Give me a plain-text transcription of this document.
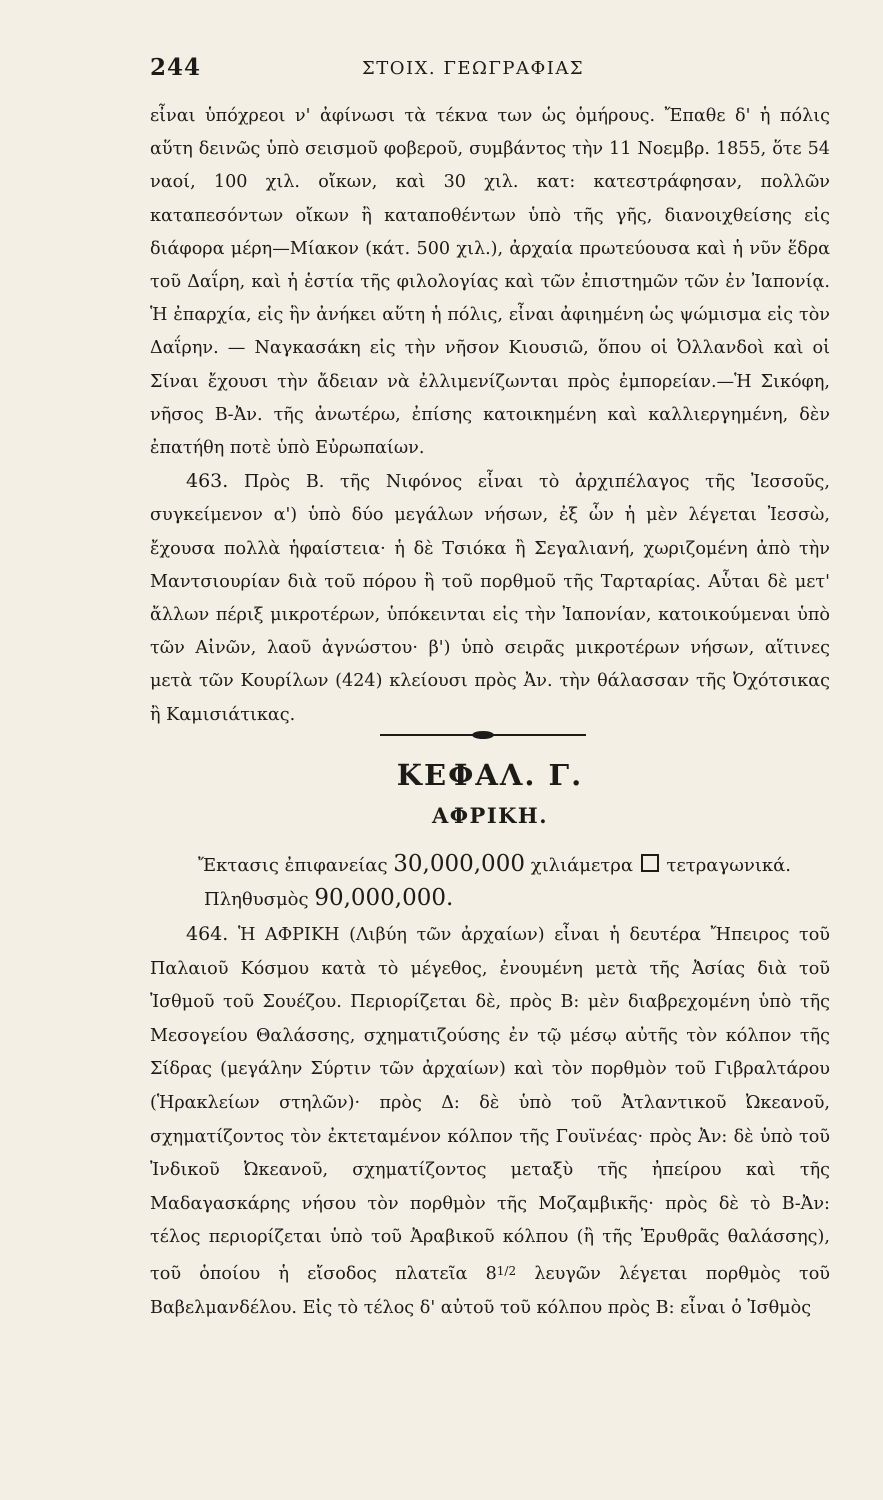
244	ΣΤΟΙΧ. ΓΕΩΓΡΑΦΙΑΣ

εἶναι ὑπόχρεοι ν' ἀφίνωσι τὰ τέκνα των ὡς ὁμήρους. Ἔπαθε δ' ἡ πόλις αὕτη δεινῶς ὑπὸ σεισμοῦ φοβεροῦ, συμβάντος τὴν 11 Νοεμβρ. 1855, ὅτε 54 ναοί, 100 χιλ. οἴκων, καὶ 30 χιλ. κατ: κατεστράφησαν, πολλῶν καταπεσόντων οἴκων ἢ καταποθέντων ὑπὸ τῆς γῆς, διανοιχθείσης εἰς διάφορα μέρη—Μίακον (κάτ. 500 χιλ.), ἀρχαία πρωτεύουσα καὶ ἡ νῦν ἕδρα τοῦ Δαΐρη, καὶ ἡ ἑστία τῆς φιλολογίας καὶ τῶν ἐπιστημῶν τῶν ἐν Ἰαπονίᾳ. Ἡ ἐπαρχία, εἰς ἣν ἀνήκει αὕτη ἡ πόλις, εἶναι ἀφιημένη ὡς ψώμισμα εἰς τὸν Δαΐρην. — Ναγκασάκη εἰς τὴν νῆσον Κιουσιῶ, ὅπου οἱ Ὀλλανδοὶ καὶ οἱ Σίναι ἔχουσι τὴν ἄδειαν νὰ ἐλλιμενίζωνται πρὸς ἐμπορείαν.—Ἡ Σικόφη, νῆσος Β-Ἀν. τῆς ἀνωτέρω, ἐπίσης κατοικημένη καὶ καλλιεργημένη, δὲν ἐπατήθη ποτὲ ὑπὸ Εὐρωπαίων.

463. Πρὸς Β. τῆς Νιφόνος εἶναι τὸ ἀρχιπέλαγος τῆς Ἰεσσοῦς, συγκείμενον α') ὑπὸ δύο μεγάλων νήσων, ἐξ ὧν ἡ μὲν λέγεται Ἰεσσὼ, ἔχουσα πολλὰ ἡφαίστεια· ἡ δὲ Τσιόκα ἢ Σεγαλιανή, χωριζομένη ἀπὸ τὴν Μαντσιουρίαν διὰ τοῦ πόρου ἢ τοῦ πορθμοῦ τῆς Ταρταρίας. Αὗται δὲ μετ' ἄλλων πέριξ μικροτέρων, ὑπόκεινται εἰς τὴν Ἰαπονίαν, κατοικούμεναι ὑπὸ τῶν Αἰνῶν, λαοῦ ἀγνώστου· β') ὑπὸ σειρᾶς μικροτέρων νήσων, αἵτινες μετὰ τῶν Κουρίλων (424) κλείουσι πρὸς Ἀν. τὴν θάλασσαν τῆς Ὀχότσικας ἢ Καμισιάτικας.

ΚΕΦΑΛ. Γ.
ΑΦΡΙΚΗ.
Ἔκτασις ἐπιφανείας 30,000,000 χιλιάμετρα τετραγωνικά.
Πληθυσμὸς 90,000,000.

464. Ἡ ΑΦΡΙΚΗ (Λιβύη τῶν ἀρχαίων) εἶναι ἡ δευτέρα Ἤπειρος τοῦ Παλαιοῦ Κόσμου κατὰ τὸ μέγεθος, ἐνουμένη μετὰ τῆς Ἀσίας διὰ τοῦ Ἰσθμοῦ τοῦ Σουέζου. Περιορίζεται δὲ, πρὸς Β: μὲν διαβρεχομένη ὑπὸ τῆς Μεσογείου Θαλάσσης, σχηματιζούσης ἐν τῷ μέσῳ αὐτῆς τὸν κόλπον τῆς Σίδρας (μεγάλην Σύρτιν τῶν ἀρχαίων) καὶ τὸν πορθμὸν τοῦ Γιβραλτάρου (Ἡρακλείων στηλῶν)· πρὸς Δ: δὲ ὑπὸ τοῦ Ἀτλαντικοῦ Ὠκεανοῦ, σχηματίζοντος τὸν ἐκτεταμένον κόλπον τῆς Γουϊνέας· πρὸς Ἀν: δὲ ὑπὸ τοῦ Ἰνδικοῦ Ὠκεανοῦ, σχηματίζοντος μεταξὺ τῆς ἠπείρου καὶ τῆς Μαδαγασκάρης νήσου τὸν πορθμὸν τῆς Μοζαμβικῆς· πρὸς δὲ τὸ Β-Ἀν: τέλος περιορίζεται ὑπὸ τοῦ Ἀραβικοῦ κόλπου (ἢ τῆς Ἐρυθρᾶς θαλάσσης), τοῦ ὁποίου ἡ εἴσοδος πλατεῖα $8^{1/2}$ λευγῶν λέγεται πορθμὸς τοῦ Βαβελμανδέλου. Εἰς τὸ τέλος δ' αὐτοῦ τοῦ κόλπου πρὸς Β: εἶναι ὁ Ἰσθμὸς
